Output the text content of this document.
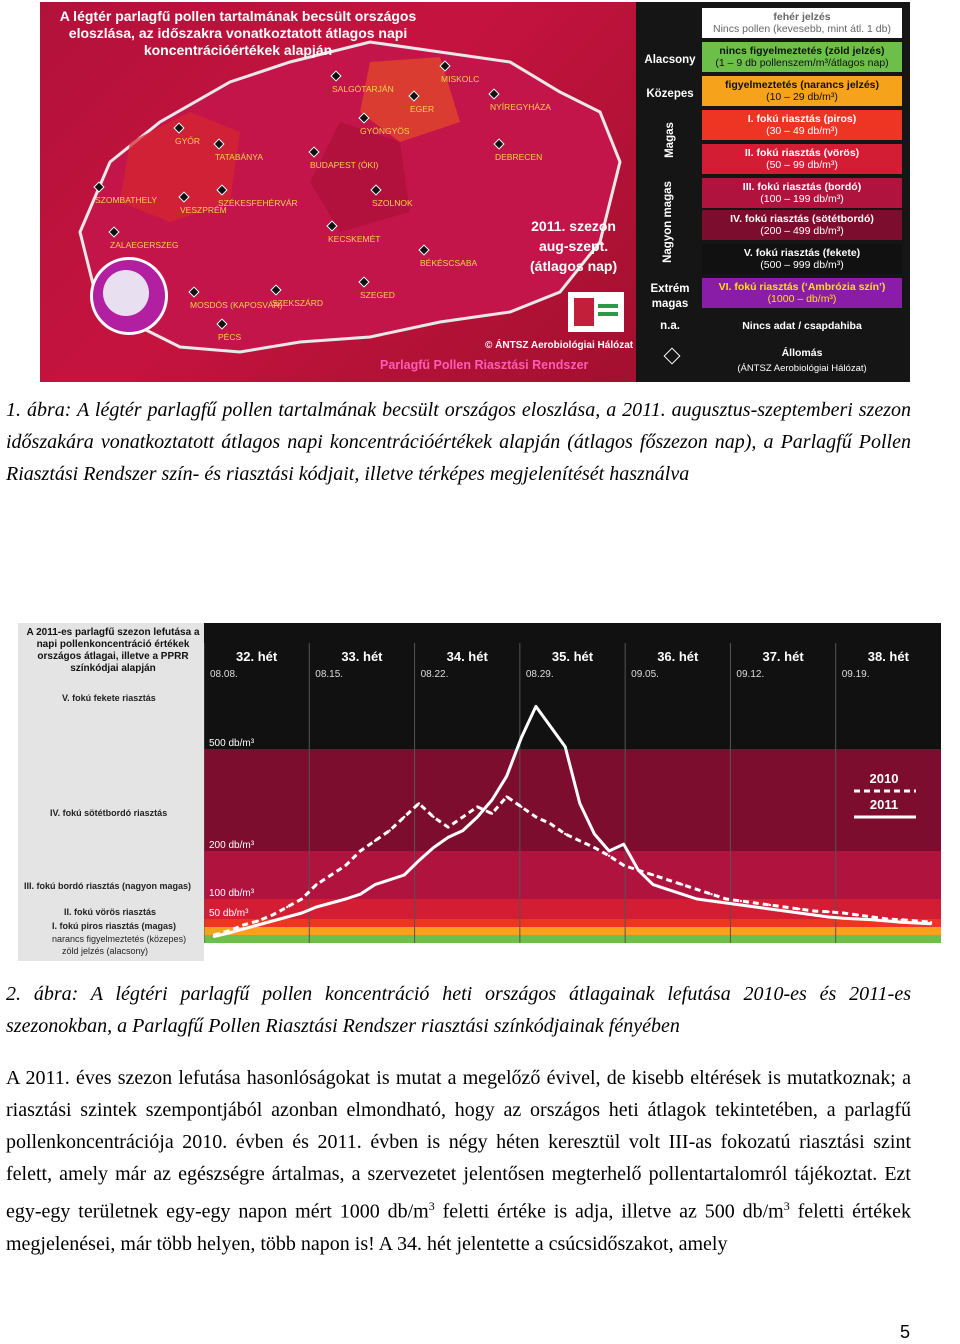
A légtér parlagfű pollen tartalmának becsült országos eloszlása, az időszakra vonatkoztatott átlagos napi koncentrációértékek alapján
GYŐR
TATABÁNYA
SALGÓTARJÁN
MISKOLC
EGER	NYÍREGYHÁZA
GYÖNGYÖS
BUDAPEST (ÓKI)
DEBRECEN
SZOMBATHELY
VESZPRÉM
SZÉKESFEHÉRVÁR	SZOLNOK
ZALAEGERSZEG
KECSKEMÉT
BÉKÉSCSABA
MOSDÓS (KAPOSVÁR)
SZEKSZÁRD
SZEGED
PÉCS
2011. szezon
aug-szept.
(átlagos nap)
© ÁNTSZ Aerobiológiai Hálózat
Parlagfű Pollen Riasztási Rendszer
fehér jelzés
Nincs pollen (kevesebb, mint átl. 1 db)
nincs figyelmeztetés (zöld jelzés)
(1 – 9 db pollenszem/m³/átlagos nap)
figyelmeztetés (narancs jelzés)
(10 – 29 db/m³)
I. fokú riasztás (piros)
(30 – 49 db/m³)
II. fokú riasztás (vörös)
(50 – 99 db/m³)
III. fokú riasztás (bordó)
(100 – 199 db/m³)
IV. fokú riasztás (sötétbordó)
(200 – 499 db/m³)
V. fokú riasztás (fekete)
(500 – 999 db/m³)
VI. fokú riasztás (‘Ambrózia szín’)
(1000 – db/m³)
Alacsony
Közepes
Magas
Nagyon magas
Extrém magas
n.a.	Nincs adat / csapdahiba
Állomás
(ÁNTSZ Aerobiológiai Hálózat)
1. ábra: A légtér parlagfű pollen tartalmának becsült országos eloszlása, a 2011. augusztus-szeptemberi szezon időszakára vonatkoztatott átlagos napi koncentrációértékek alapján (átlagos főszezon nap), a Parlagfű Pollen Riasztási Rendszer szín- és riasztási kódjait, illetve térképes megjelenítését használva
A 2011-es parlagfű szezon lefutása a napi pollenkoncentráció értékek országos átlagai, illetve a PPRR színkódjai alapján
V. fokú fekete riasztás
IV. fokú sötétbordó riasztás
III. fokú bordó riasztás (nagyon magas)
II. fokú vörös riasztás
I. fokú piros riasztás (magas)
narancs figyelmeztetés (közepes)
zöld jelzés (alacsony)
32. hét
08.08.
33. hét
08.15.
34. hét
08.22.
35. hét
08.29.
36. hét
09.05.
37. hét
09.12.
38. hét
09.19.
500 db/m³
200 db/m³
100 db/m³
50 db/m³
2010
2011
2. ábra: A légtéri parlagfű pollen koncentráció heti országos átlagainak lefutása 2010-es és 2011-es szezonokban, a Parlagfű Pollen Riasztási Rendszer riasztási színkódjainak fényében

A 2011. éves szezon lefutása hasonlóságokat is mutat a megelőző évivel, de kisebb eltérések is mutatkoznak; a riasztási szintek szempontjából azonban elmondható, hogy az országos heti átlagok tekintetében, a parlagfű pollenkoncentrációja 2010. évben és 2011. évben is négy héten keresztül volt III-as fokozatú riasztási szint felett, amely már az egészségre ártalmas, a szervezetet jelentősen megterhelő pollentartalomról tájékoztat. Ezt egy-egy területnek egy-egy napon mért 1000 $db/m^3$ feletti értéke is adja, illetve az 500 $db/m^3$ feletti értékek megjelenései, már több helyen, több napon is! A 34. hét jelentette a csúcsidőszakot, amely

5
